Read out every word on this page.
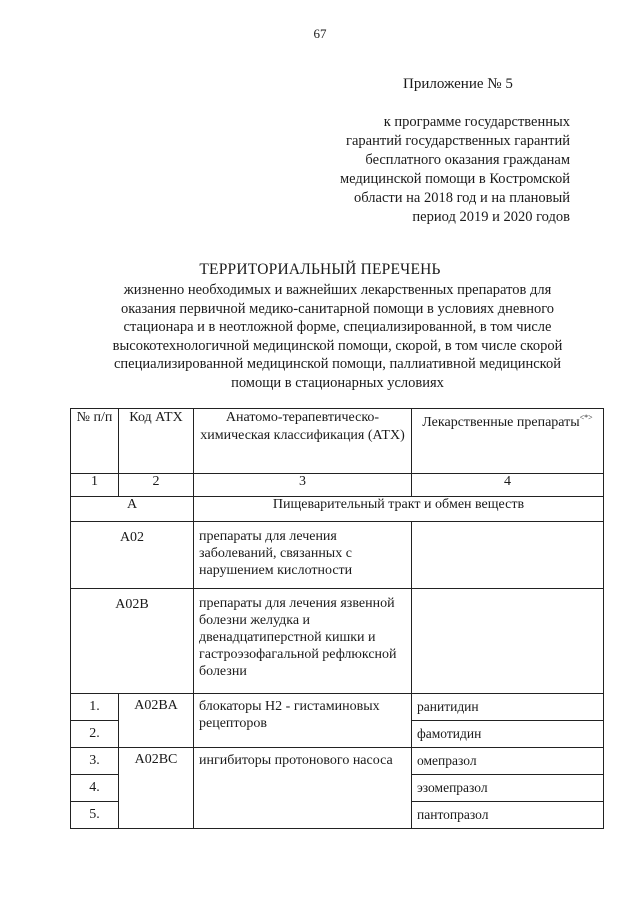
67
Приложение № 5
к программе государственных
гарантий государственных гарантий
бесплатного оказания гражданам
медицинской помощи в Костромской
области на 2018 год и на плановый
период 2019 и 2020 годов
ТЕРРИТОРИАЛЬНЫЙ ПЕРЕЧЕНЬ
жизненно необходимых и важнейших лекарственных препаратов для
оказания первичной медико-санитарной помощи в условиях дневного
стационара и в неотложной форме, специализированной, в том числе
высокотехнологичной медицинской помощи, скорой, в том числе скорой
специализированной медицинской помощи, паллиативной медицинской
помощи в стационарных условиях
№ п/п	Код АТХ	Анатомо-терапевтическо-химическая классификация (АТХ)	Лекарственные препараты<*>
1	2	3	4
A		Пищеварительный тракт и обмен веществ	
A02		препараты для лечения заболеваний, связанных с нарушением кислотности	
A02B		препараты для лечения язвенной болезни желудка и двенадцатиперстной кишки и гастроэзофагальной рефлюксной болезни	
1.	A02BA	блокаторы H2 - гистаминовых рецепторов	ранитидин
2.			фамотидин
3.	A02BC	ингибиторы протонового насоса	омепразол
4.			эзомепразол
5.			пантопразол
